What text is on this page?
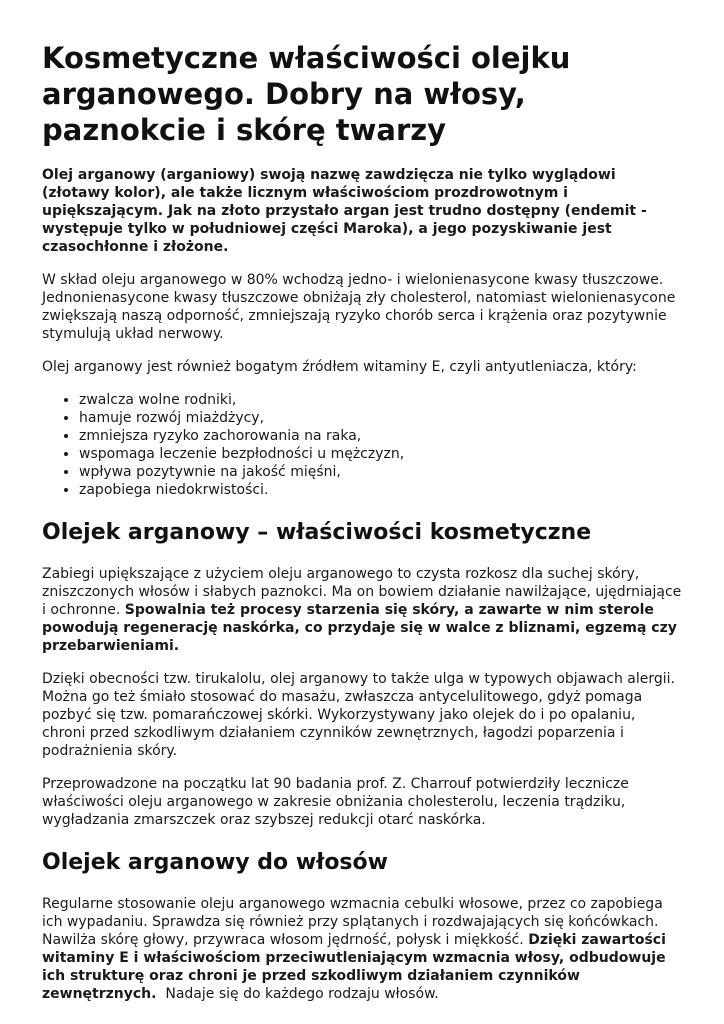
Kosmetyczne właściwości olejku arganowego. Dobry na włosy, paznokcie i skórę twarzy

Olej arganowy (arganiowy) swoją nazwę zawdzięcza nie tylko wyglądowi (złotawy kolor), ale także licznym właściwościom prozdrowotnym i upiększającym. Jak na złoto przystało argan jest trudno dostępny (endemit - występuje tylko w południowej części Maroka), a jego pozyskiwanie jest czasochłonne i złożone.

W skład oleju arganowego w 80% wchodzą jedno- i wielonienasycone kwasy tłuszczowe. Jednonienasycone kwasy tłuszczowe obniżają zły cholesterol, natomiast wielonienasycone zwiększają naszą odporność, zmniejszają ryzyko chorób serca i krążenia oraz pozytywnie stymulują układ nerwowy.

Olej arganowy jest również bogatym źródłem witaminy E, czyli antyutleniacza, który:

• zwalcza wolne rodniki,
• hamuje rozwój miażdżycy,
• zmniejsza ryzyko zachorowania na raka,
• wspomaga leczenie bezpłodności u mężczyzn,
• wpływa pozytywnie na jakość mięśni,
• zapobiega niedokrwistości.
Olejek arganowy – właściwości kosmetyczne

Zabiegi upiększające z użyciem oleju arganowego to czysta rozkosz dla suchej skóry, zniszczonych włosów i słabych paznokci. Ma on bowiem działanie nawilżające, ujędrniające i ochronne. Spowalnia też procesy starzenia się skóry, a zawarte w nim sterole powodują regenerację naskórka, co przydaje się w walce z bliznami, egzemą czy przebarwieniami.

Dzięki obecności tzw. tirukalolu, olej arganowy to także ulga w typowych objawach alergii. Można go też śmiało stosować do masażu, zwłaszcza antycelulitowego, gdyż pomaga pozbyć się tzw. pomarańczowej skórki. Wykorzystywany jako olejek do i po opalaniu, chroni przed szkodliwym działaniem czynników zewnętrznych, łagodzi poparzenia i podrażnienia skóry.

Przeprowadzone na początku lat 90 badania prof. Z. Charrouf potwierdziły lecznicze właściwości oleju arganowego w zakresie obniżania cholesterolu, leczenia trądziku, wygładzania zmarszczek oraz szybszej redukcji otarć naskórka.

Olejek arganowy do włosów

Regularne stosowanie oleju arganowego wzmacnia cebulki włosowe, przez co zapobiega ich wypadaniu. Sprawdza się również przy splątanych i rozdwajających się końcówkach. Nawilża skórę głowy, przywraca włosom jędrność, połysk i miękkość. Dzięki zawartości witaminy E i właściwościom przeciwutleniającym wzmacnia włosy, odbudowuje ich strukturę oraz chroni je przed szkodliwym działaniem czynników zewnętrznych.  Nadaje się do każdego rodzaju włosów.
